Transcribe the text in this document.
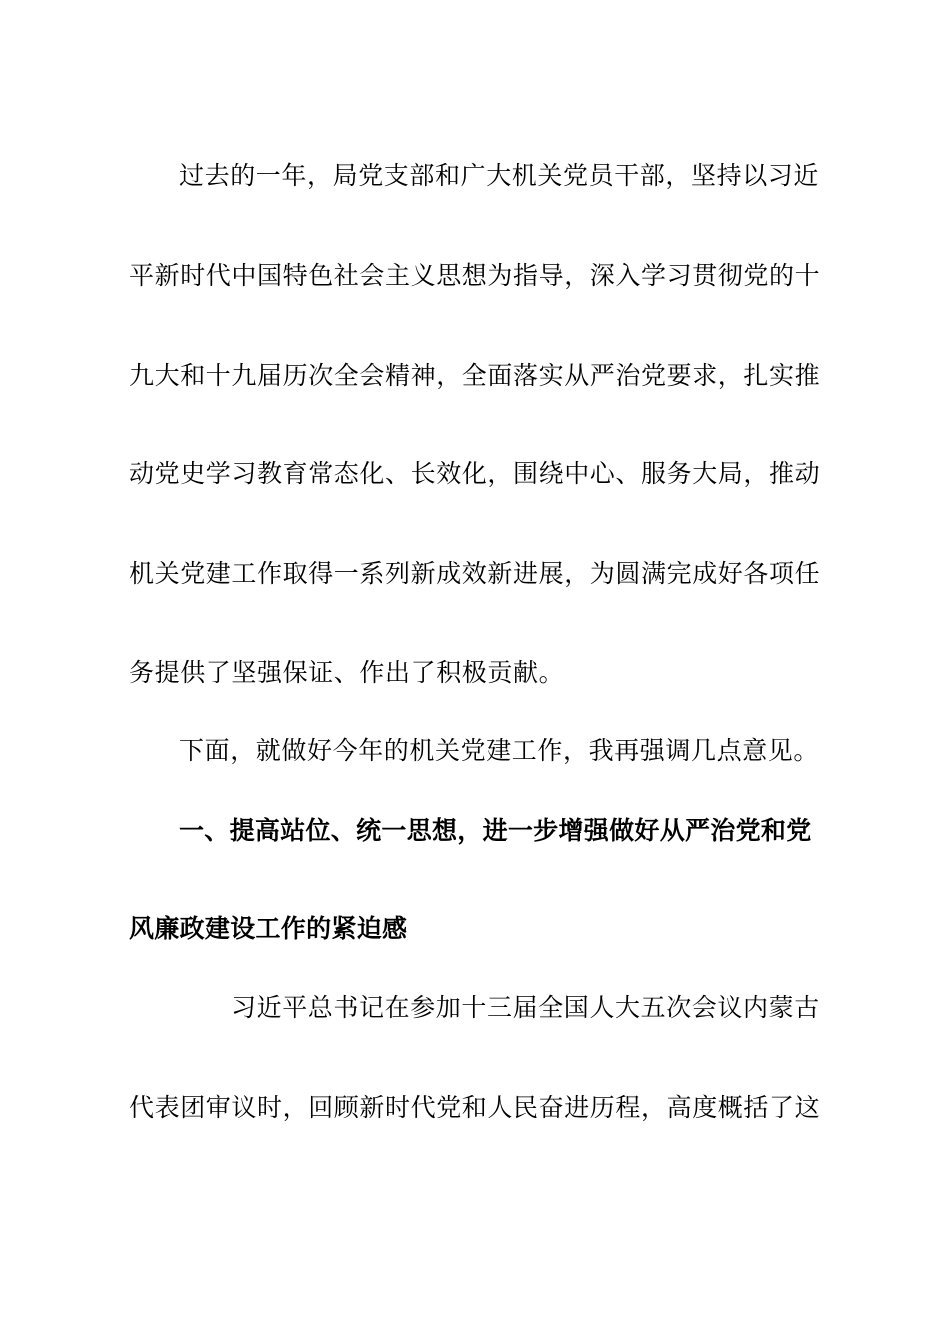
过去的一年，局党支部和广大机关党员干部，坚持以习近
平新时代中国特色社会主义思想为指导，深入学习贯彻党的十
九大和十九届历次全会精神，全面落实从严治党要求，扎实推
动党史学习教育常态化、长效化，围绕中心、服务大局，推动
机关党建工作取得一系列新成效新进展，为圆满完成好各项任
务提供了坚强保证、作出了积极贡献。
下面，就做好今年的机关党建工作，我再强调几点意见。
一、提高站位、统一思想，进一步增强做好从严治党和党
风廉政建设工作的紧迫感
习近平总书记在参加十三届全国人大五次会议内蒙古
代表团审议时，回顾新时代党和人民奋进历程，高度概括了这
